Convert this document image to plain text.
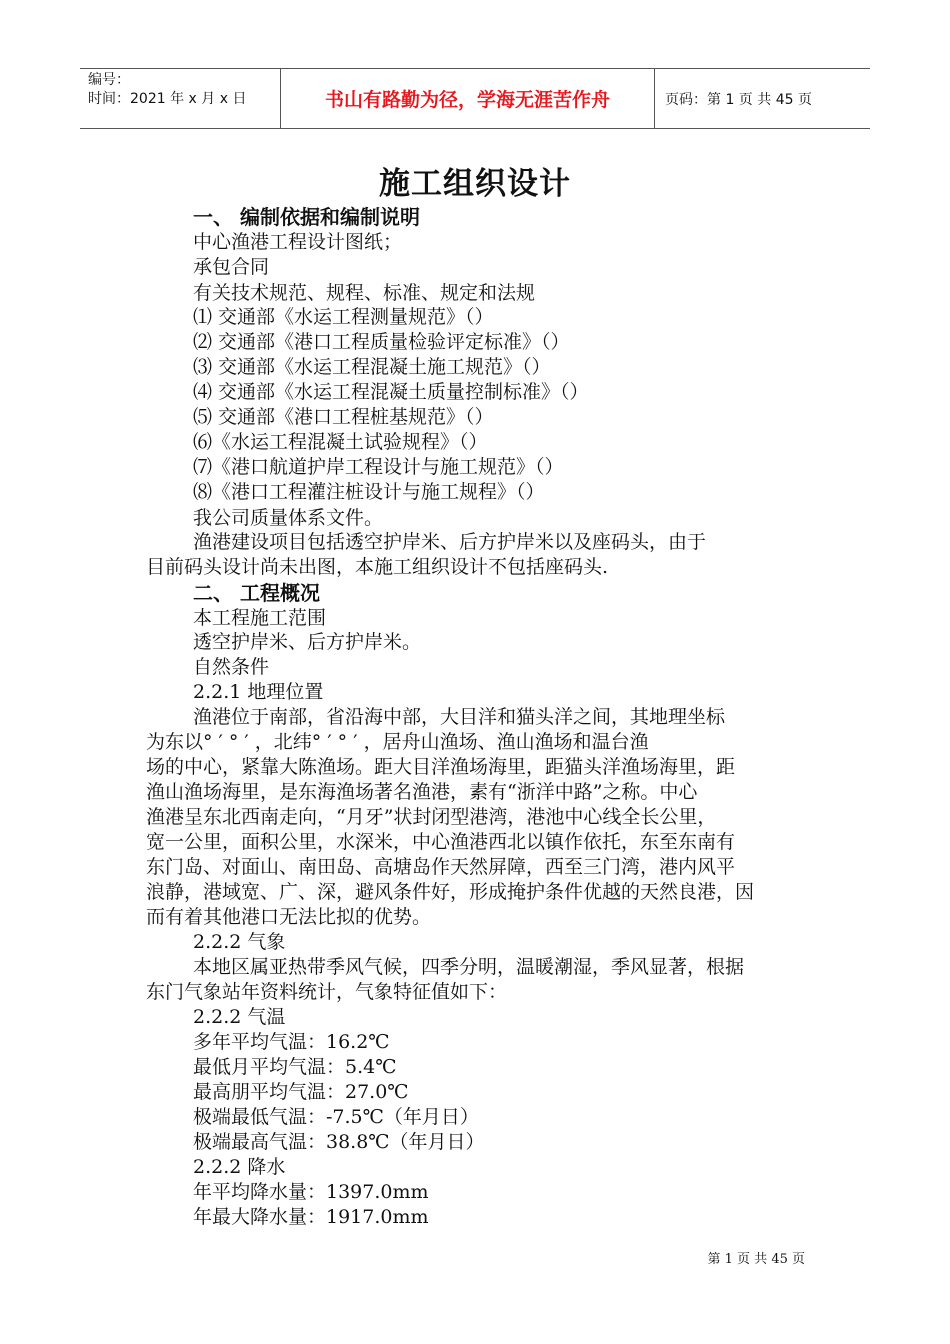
编号：
时间：2021 年 x 月 x 日	书山有路勤为径，学海无涯苦作舟	页码：第 1 页 共 45 页
施工组织设计
一、 编制依据和编制说明
中心渔港工程设计图纸；
承包合同
有关技术规范、规程、标准、规定和法规
⑴ 交通部《水运工程测量规范》（）
⑵ 交通部《港口工程质量检验评定标准》（）
⑶ 交通部《水运工程混凝土施工规范》（）
⑷ 交通部《水运工程混凝土质量控制标准》（）
⑸ 交通部《港口工程桩基规范》（）
⑹《水运工程混凝土试验规程》（）
⑺《港口航道护岸工程设计与施工规范》（）
⑻《港口工程灌注桩设计与施工规程》（）
我公司质量体系文件。
渔港建设项目包括透空护岸米、后方护岸米以及座码头，由于
目前码头设计尚未出图，本施工组织设计不包括座码头.
二、 工程概况
本工程施工范围
透空护岸米、后方护岸米。
自然条件
2.2.1 地理位置
渔港位于南部，省沿海中部，大目洋和猫头洋之间，其地理坐标
为东以° ′ ° ′ ，北纬° ′ ° ′ ，居舟山渔场、渔山渔场和温台渔
场的中心，紧靠大陈渔场。距大目洋渔场海里，距猫头洋渔场海里，距
渔山渔场海里，是东海渔场著名渔港，素有“浙洋中路”之称。中心
渔港呈东北西南走向，“月牙”状封闭型港湾，港池中心线全长公里，
宽一公里，面积公里，水深米，中心渔港西北以镇作依托，东至东南有
东门岛、对面山、南田岛、高塘岛作天然屏障，西至三门湾，港内风平
浪静，港域宽、广、深，避风条件好，形成掩护条件优越的天然良港，因
而有着其他港口无法比拟的优势。
2.2.2 气象
本地区属亚热带季风气候，四季分明，温暖潮湿，季风显著，根据
东门气象站年资料统计，气象特征值如下：
2.2.2 气温
多年平均气温：16.2℃
最低月平均气温：5.4℃
最高朋平均气温：27.0℃
极端最低气温：-7.5℃（年月日）
极端最高气温：38.8℃（年月日）
2.2.2 降水
年平均降水量：1397.0mm
年最大降水量：1917.0mm
第 1 页 共 45 页
